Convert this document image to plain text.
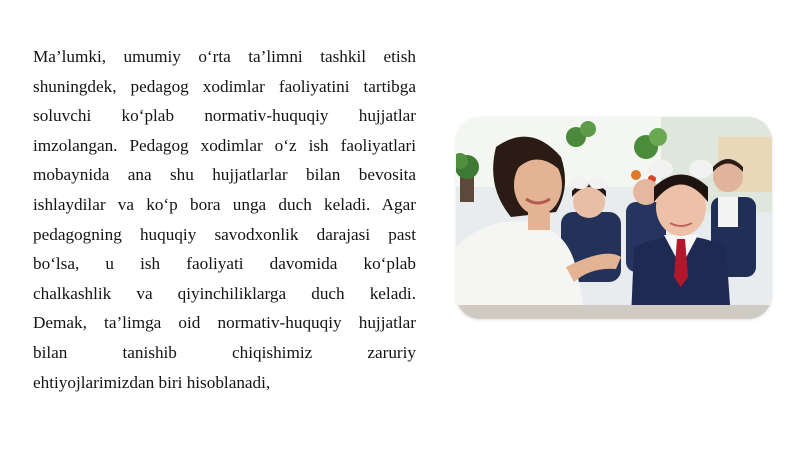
Ma’lumki, umumiy o‘rta ta’limni tashkil etish
shuningdek, pedagog xodimlar faoliyatini tartibga
soluvchi ko‘plab normativ-huquqiy hujjatlar
imzolangan. Pedagog xodimlar o‘z ish faoliyatlari
mobaynida ana shu hujjatlarlar bilan bevosita
ishlaydilar va ko‘p bora unga duch keladi. Agar
pedagogning huquqiy savodxonlik darajasi past
bo‘lsa, u ish faoliyati davomida ko‘plab
chalkashlik va qiyinchiliklarga duch keladi.
Demak, ta’limga oid normativ-huquqiy hujjatlar
bilan tanishib chiqishimiz zaruriy
ehtiyojlarimizdan biri hisoblanadi,
